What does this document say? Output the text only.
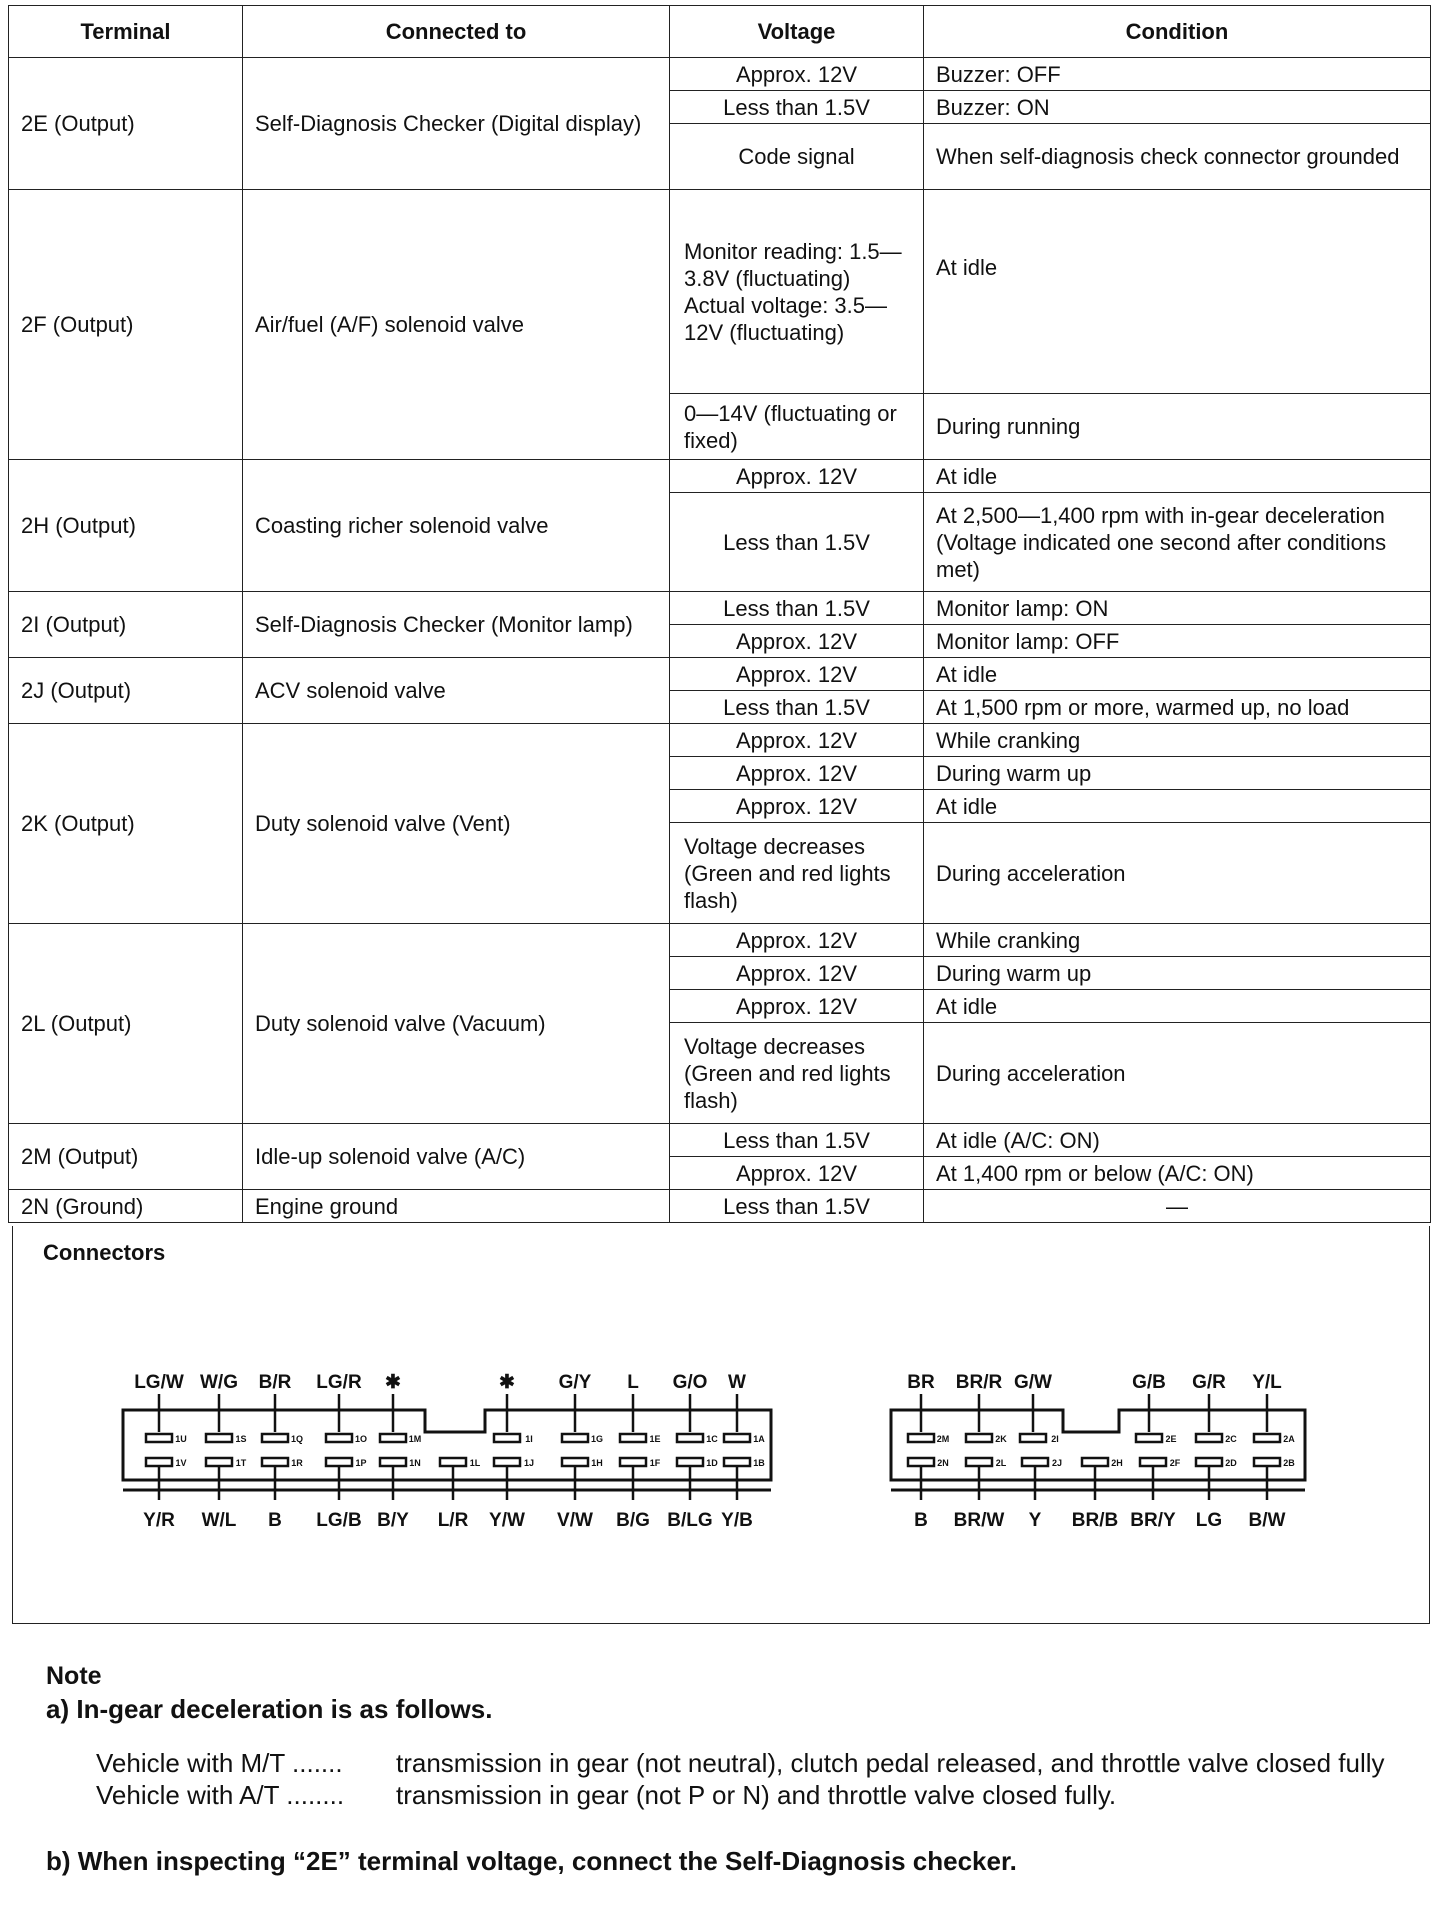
Terminal	Connected to	Voltage	Condition
2E (Output)	Self-Diagnosis Checker (Digital display)	Approx. 12V	Buzzer: OFF
		Less than 1.5V	Buzzer: ON
		Code signal	When self-diagnosis check connector grounded
2F (Output)	Air/fuel (A/F) solenoid valve	Monitor reading: 1.5—3.8V (fluctuating) Actual voltage: 3.5—12V (fluctuating)	At idle
		0—14V (fluctuating or fixed)	During running
2H (Output)	Coasting richer solenoid valve	Approx. 12V	At idle
		Less than 1.5V	At 2,500—1,400 rpm with in-gear deceleration (Voltage indicated one second after conditions met)
2I (Output)	Self-Diagnosis Checker (Monitor lamp)	Less than 1.5V	Monitor lamp: ON
		Approx. 12V	Monitor lamp: OFF
2J (Output)	ACV solenoid valve	Approx. 12V	At idle
		Less than 1.5V	At 1,500 rpm or more, warmed up, no load
2K (Output)	Duty solenoid valve (Vent)	Approx. 12V	While cranking
		Approx. 12V	During warm up
		Approx. 12V	At idle
		Voltage decreases (Green and red lights flash)	During acceleration
2L (Output)	Duty solenoid valve (Vacuum)	Approx. 12V	While cranking
		Approx. 12V	During warm up
		Approx. 12V	At idle
		Voltage decreases (Green and red lights flash)	During acceleration
2M (Output)	Idle-up solenoid valve (A/C)	Less than 1.5V	At idle (A/C: ON)
		Approx. 12V	At 1,400 rpm or below (A/C: ON)
2N (Ground)	Engine ground	Less than 1.5V	—
Connectors
LG/W
1U
W/G
1S
B/R
1Q
LG/R
1O
✱
1M
✱
1I
G/Y
1G
L
1E
G/O
1C
W
1A
1V
Y/R
1T
W/L
1R
B
1P
LG/B
1N
B/Y
1L
L/R
1J
Y/W
1H
V/W
1F
B/G
1D
B/LG
1B
Y/B
BR
2M
BR/R
2K
G/W
2I
G/B
2E
G/R
2C
Y/L
2A
2N
B
2L
BR/W
2J
Y
2H
BR/B
2F
BR/Y
2D
LG
2B
B/W
Note
a) In-gear deceleration is as follows.
Vehicle with M/T .......	transmission in gear (not neutral), clutch pedal released, and throttle valve closed fully
Vehicle with A/T ........	transmission in gear (not P or N) and throttle valve closed fully.
b) When inspecting “2E” terminal voltage, connect the Self-Diagnosis checker.
